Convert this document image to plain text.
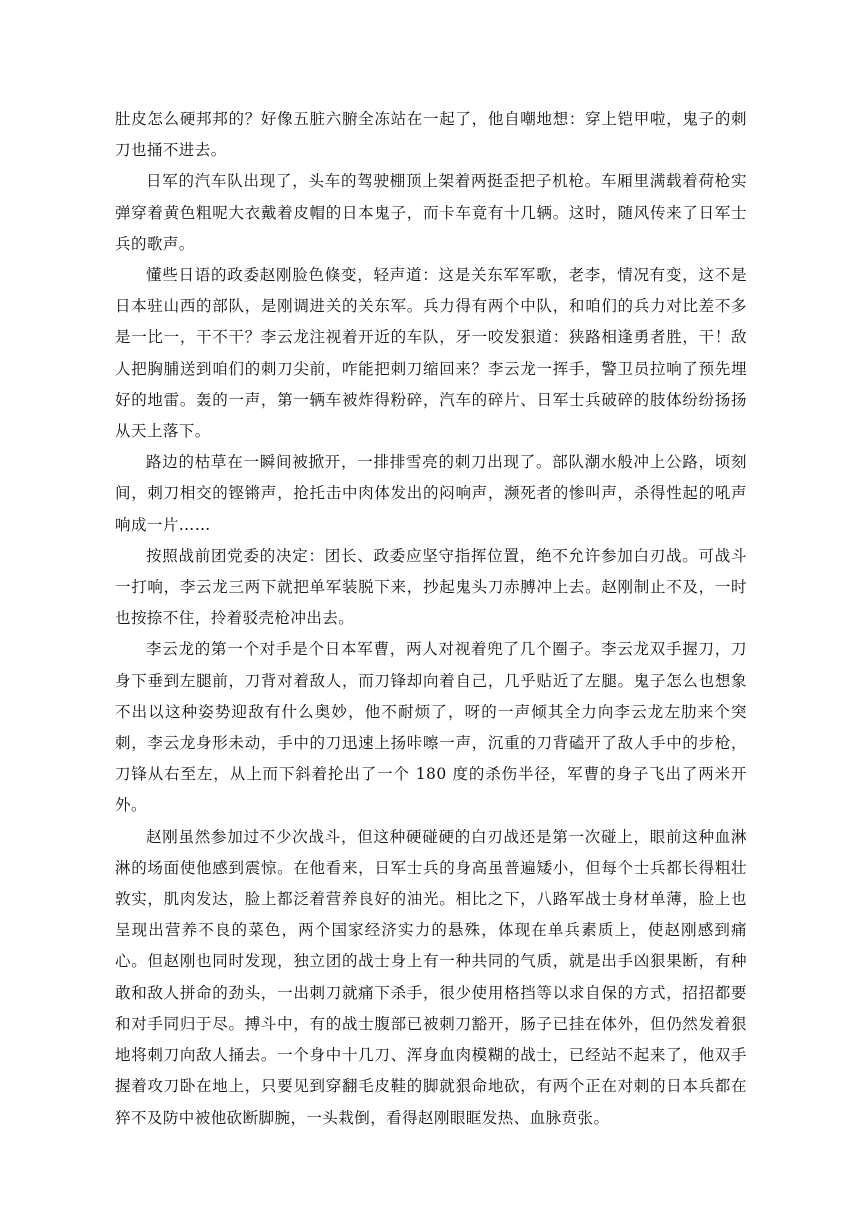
肚皮怎么硬邦邦的？好像五脏六腑全冻站在一起了，他自嘲地想：穿上铠甲啦，鬼子的刺刀也捅不进去。

日军的汽车队出现了，头车的驾驶棚顶上架着两挺歪把子机枪。车厢里满载着荷枪实弹穿着黄色粗呢大衣戴着皮帽的日本鬼子，而卡车竟有十几辆。这时，随风传来了日军士兵的歌声。

懂些日语的政委赵刚脸色倏变，轻声道：这是关东军军歌，老李，情况有变，这不是日本驻山西的部队，是刚调进关的关东军。兵力得有两个中队，和咱们的兵力对比差不多是一比一，干不干？李云龙注视着开近的车队，牙一咬发狠道：狭路相逢勇者胜，干！敌人把胸脯送到咱们的刺刀尖前，咋能把刺刀缩回来？李云龙一挥手，警卫员拉响了预先埋好的地雷。轰的一声，第一辆车被炸得粉碎，汽车的碎片、日军士兵破碎的肢体纷纷扬扬从天上落下。

路边的枯草在一瞬间被掀开，一排排雪亮的刺刀出现了。部队潮水般冲上公路，顷刻间，刺刀相交的铿锵声，抢托击中肉体发出的闷响声，濒死者的惨叫声，杀得性起的吼声响成一片……

按照战前团党委的决定：团长、政委应坚守指挥位置，绝不允许参加白刃战。可战斗一打响，李云龙三两下就把单军装脱下来，抄起鬼头刀赤膊冲上去。赵刚制止不及，一时也按捺不住，拎着驳壳枪冲出去。

李云龙的第一个对手是个日本军曹，两人对视着兜了几个圈子。李云龙双手握刀，刀身下垂到左腿前，刀背对着敌人，而刀锋却向着自己，几乎贴近了左腿。鬼子怎么也想象不出以这种姿势迎敌有什么奥妙，他不耐烦了，呀的一声倾其全力向李云龙左肋来个突刺，李云龙身形未动，手中的刀迅速上扬咔嚓一声，沉重的刀背磕开了敌人手中的步枪，刀锋从右至左，从上而下斜着抡出了一个 180 度的杀伤半径，军曹的身子飞出了两米开外。

赵刚虽然参加过不少次战斗，但这种硬碰硬的白刃战还是第一次碰上，眼前这种血淋淋的场面使他感到震惊。在他看来，日军士兵的身高虽普遍矮小，但每个士兵都长得粗壮敦实，肌肉发达，脸上都泛着营养良好的油光。相比之下，八路军战士身材单薄，脸上也呈现出营养不良的菜色，两个国家经济实力的悬殊，体现在单兵素质上，使赵刚感到痛心。但赵刚也同时发现，独立团的战士身上有一种共同的气质，就是出手凶狠果断，有种敢和敌人拼命的劲头，一出刺刀就痛下杀手，很少使用格挡等以求自保的方式，招招都要和对手同归于尽。搏斗中，有的战士腹部已被刺刀豁开，肠子已挂在体外，但仍然发着狠地将刺刀向敌人捅去。一个身中十几刀、浑身血肉模糊的战士，已经站不起来了，他双手握着攻刀卧在地上，只要见到穿翻毛皮鞋的脚就狠命地砍，有两个正在对刺的日本兵都在猝不及防中被他砍断脚腕，一头栽倒，看得赵刚眼眶发热、血脉贲张。
